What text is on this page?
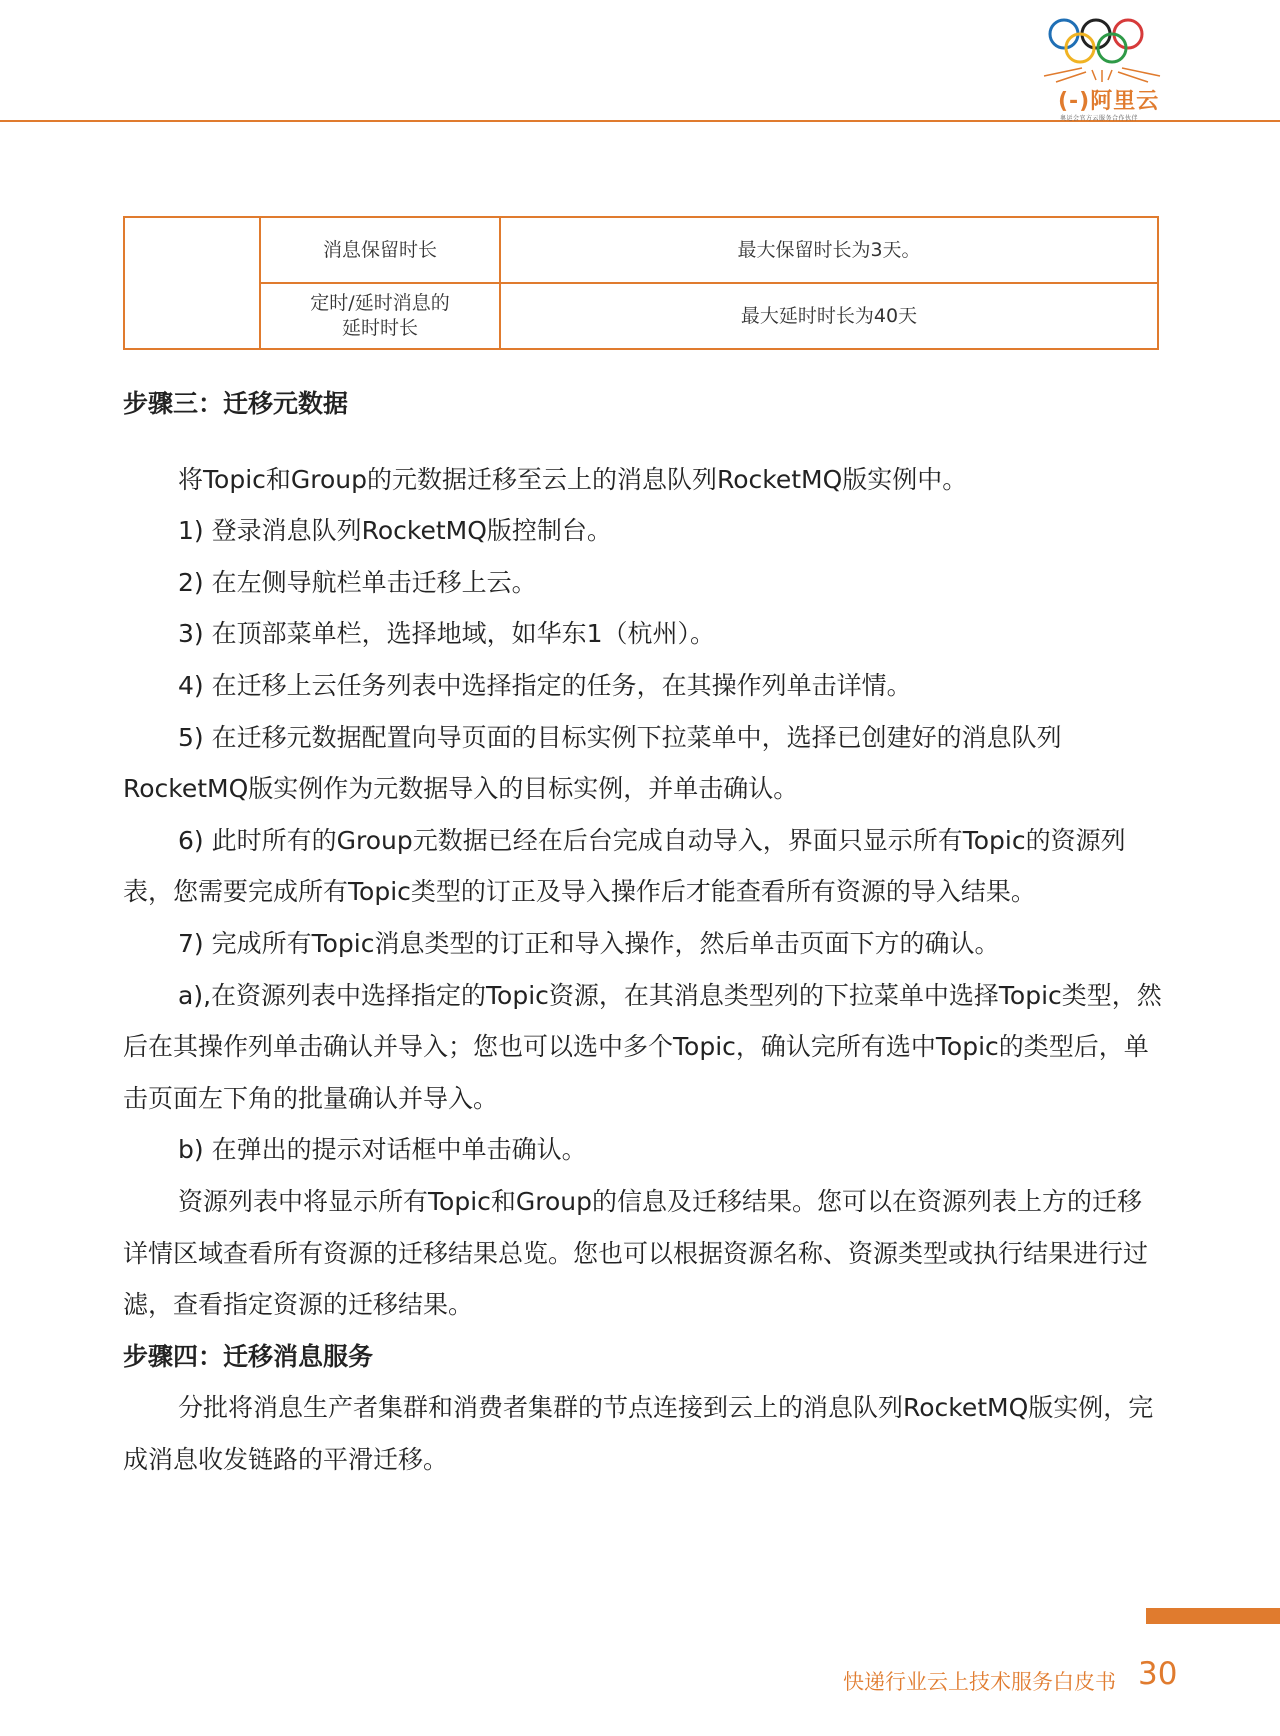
(-)阿里云
奥运会官方云服务合作伙伴
	消息保留时长	最大保留时长为3天。

	定时/延时消息的
延时时长	最大延时时长为40天
步骤三：迁移元数据

将Topic和Group的元数据迁移至云上的消息队列RocketMQ版实例中。

1) 登录消息队列RocketMQ版控制台。

2) 在左侧导航栏单击迁移上云。

3) 在顶部菜单栏，选择地域，如华东1（杭州）。

4) 在迁移上云任务列表中选择指定的任务，在其操作列单击详情。

5) 在迁移元数据配置向导页面的目标实例下拉菜单中，选择已创建好的消息队列RocketMQ版实例作为元数据导入的目标实例，并单击确认。

6) 此时所有的Group元数据已经在后台完成自动导入，界面只显示所有Topic的资源列表，您需要完成所有Topic类型的订正及导入操作后才能查看所有资源的导入结果。

7) 完成所有Topic消息类型的订正和导入操作，然后单击页面下方的确认。

a),在资源列表中选择指定的Topic资源，在其消息类型列的下拉菜单中选择Topic类型，然后在其操作列单击确认并导入；您也可以选中多个Topic，确认完所有选中Topic的类型后，单击页面左下角的批量确认并导入。

b) 在弹出的提示对话框中单击确认。

资源列表中将显示所有Topic和Group的信息及迁移结果。您可以在资源列表上方的迁移详情区域查看所有资源的迁移结果总览。您也可以根据资源名称、资源类型或执行结果进行过滤，查看指定资源的迁移结果。

步骤四：迁移消息服务

分批将消息生产者集群和消费者集群的节点连接到云上的消息队列RocketMQ版实例，完成消息收发链路的平滑迁移。

快递行业云上技术服务白皮书 30
